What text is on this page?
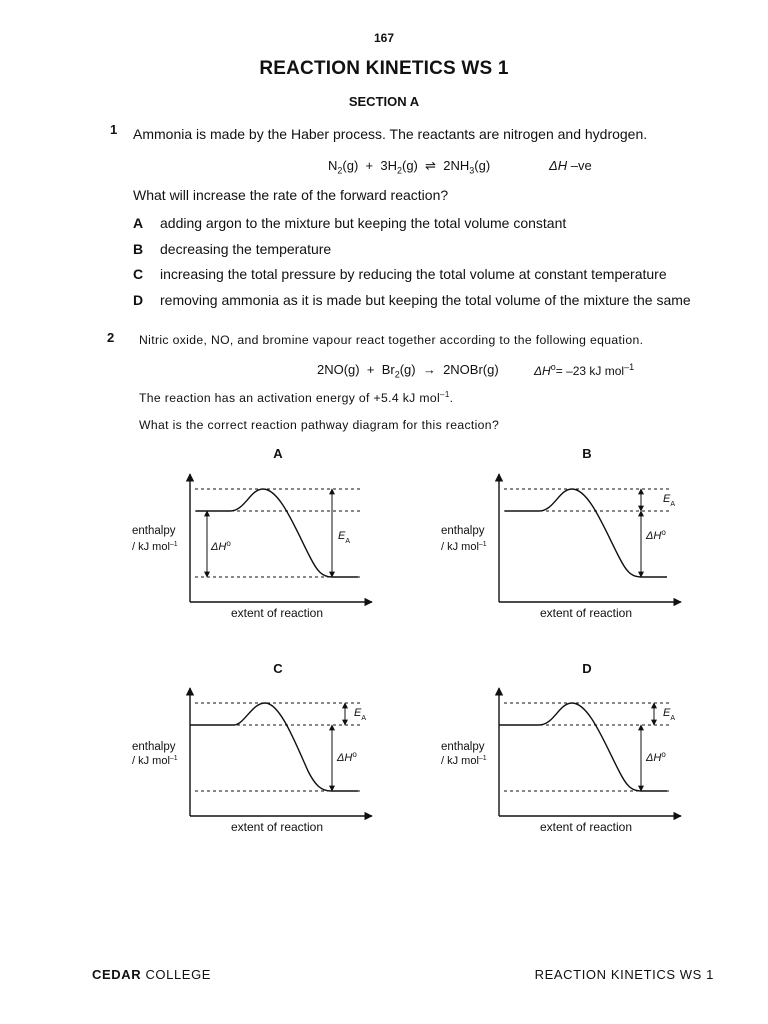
167
REACTION KINETICS WS 1
SECTION A
1 Ammonia is made by the Haber process. The reactants are nitrogen and hydrogen.
$N_2(g) + 3H_2(g)$ ⇌ $2NH_3(g)$	ΔH –ve
What will increase the rate of the forward reaction?
A adding argon to the mixture but keeping the total volume constant
B decreasing the temperature
C increasing the total pressure by reducing the total volume at constant temperature
D removing ammonia as it is made but keeping the total volume of the mixture the same
2 Nitric oxide, NO, and bromine vapour react together according to the following equation.
$2NO(g) + Br_2(g)$ → 2NOBr(g)	$\Delta H^o= -23$ kJ mol$^{-1}$
The reaction has an activation energy of +5.4 kJ mol$^{-1}$.
What is the correct reaction pathway diagram for this reaction?
A	B
C	D
$\Delta H^o$
$E_A$
enthalpy
/ kJ mol$^{-1}$
extent of reaction
$E_A$
$\Delta H^o$
enthalpy
/ kJ mol$^{-1}$
extent of reaction
$E_A$
$\Delta H^o$
enthalpy
/ kJ mol$^{-1}$
extent of reaction
$E_A$
$\Delta H^o$
enthalpy
/ kJ mol$^{-1}$
extent of reaction
CEDAR COLLEGE	REACTION KINETICS WS 1
